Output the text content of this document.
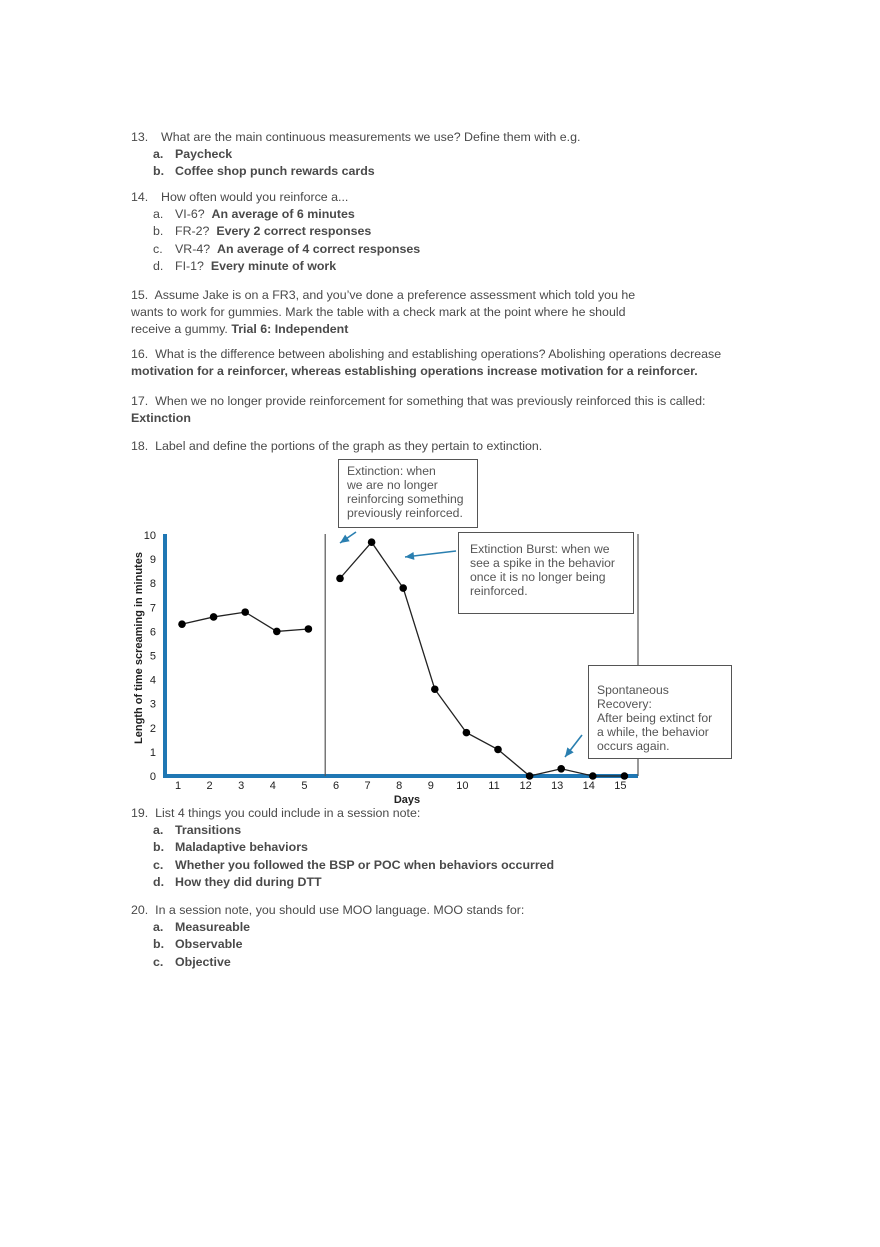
13. What are the main continuous measurements we use? Define them with e.g.
a. Paycheck
b. Coffee shop punch rewards cards
14. How often would you reinforce a...
a. VI-6? An average of 6 minutes
b. FR-2? Every 2 correct responses
c. VR-4? An average of 4 correct responses
d. FI-1? Every minute of work
15. Assume Jake is on a FR3, and you’ve done a preference assessment which told you he
wants to work for gummies. Mark the table with a check mark at the point where he should
receive a gummy. Trial 6: Independent
16. What is the difference between abolishing and establishing operations? Abolishing operations decrease
motivation for a reinforcer, whereas establishing operations increase motivation for a reinforcer.
17. When we no longer provide reinforcement for something that was previously reinforced this is called:
Extinction
18. Label and define the portions of the graph as they pertain to extinction.
0
1
2
3
4
5
6
7
8
9
10
1 2 3 4 5 6 7 8 9 10 11 12 13 14 15
Days
Length of time screaming in minutes
Extinction: when
we are no longer
reinforcing something
previously reinforced.
Extinction Burst: when we
see a spike in the behavior
once it is no longer being
reinforced.
Spontaneous Recovery:
After being extinct for
a while, the behavior
occurs again.
19. List 4 things you could include in a session note:
a. Transitions
b. Maladaptive behaviors
c. Whether you followed the BSP or POC when behaviors occurred
d. How they did during DTT
20. In a session note, you should use MOO language. MOO stands for:
a. Measureable
b. Observable
c. Objective
